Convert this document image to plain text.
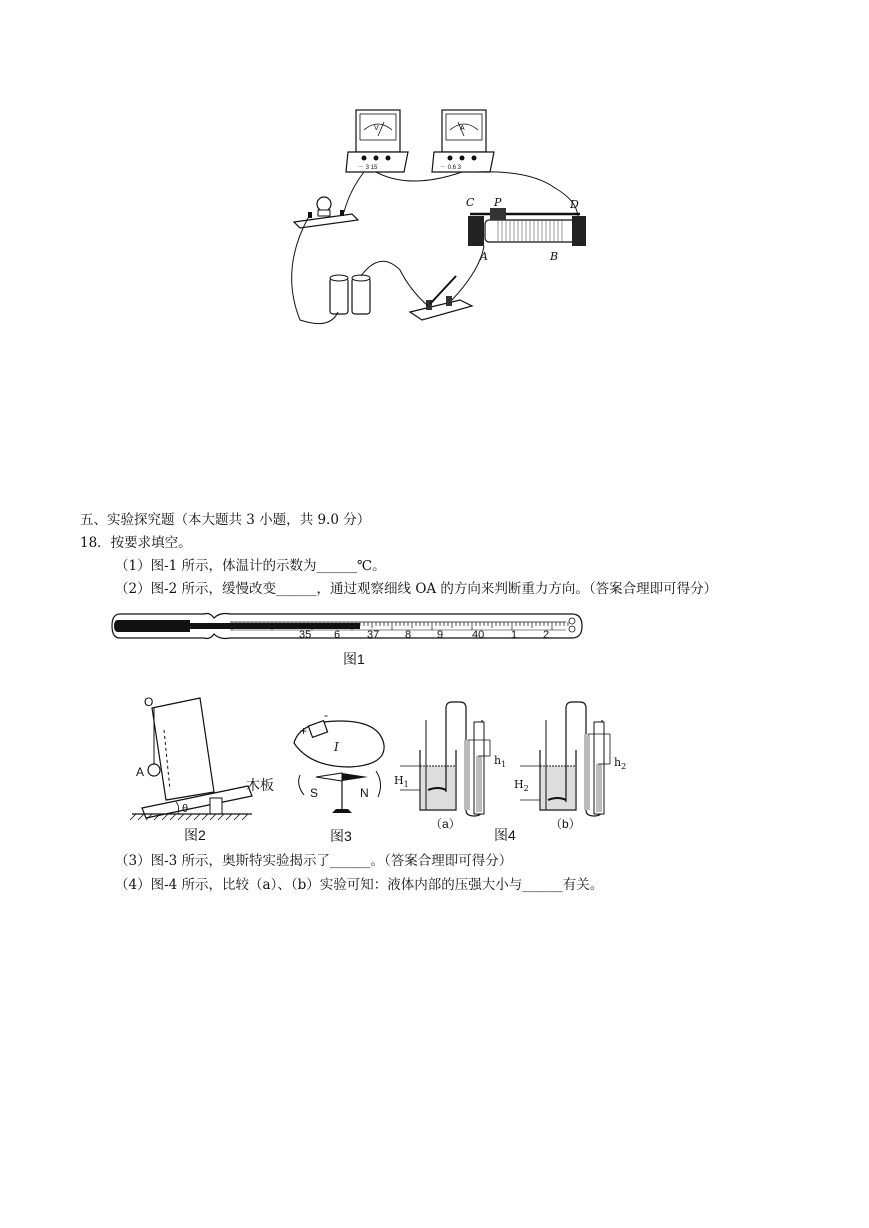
V
－ 3 15
A
－ 0.6 3
C P	D
A	B
五、实验探究题（本大题共 3 小题，共 9.0 分）
18．按要求填空。
（1）图-1 所示，体温计的示数为______℃。
（2）图-2 所示，缓慢改变______，通过观察细线 OA 的方向来判断重力方向。（答案合理即可得分）
35 6 37 8 9	40 1 2
图1
O
A
θ
木板
图2
+
-
I
S	N
图3
$h_1$
$H_1$
（a）
$h_2$
$H_2$
（b）
图4
（3）图-3 所示，奥斯特实验揭示了______。（答案合理即可得分）
（4）图-4 所示，比较（a）、（b）实验可知：液体内部的压强大小与______有关。
